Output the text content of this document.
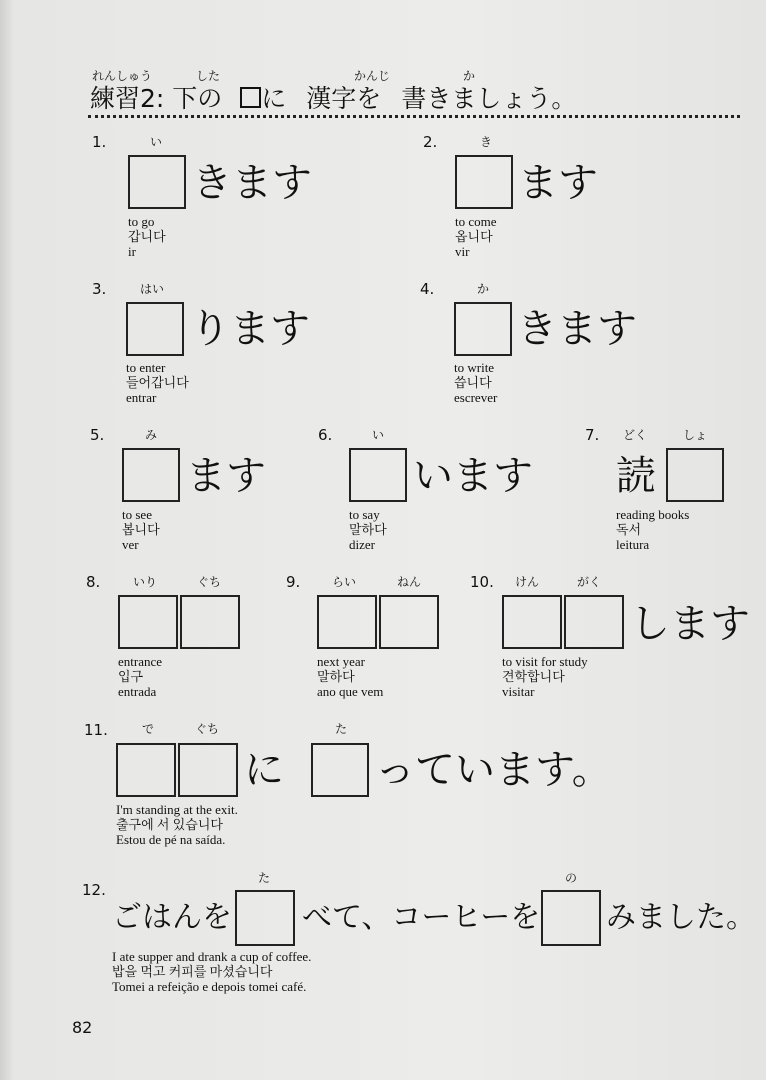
れんしゅう	した	かんじ	か
練習2: 下の に 漢字を 書きましょう。
1.	い
きます
to go
갑니다
ir
2.	き
ます
to come
옵니다
vir
3.	はい
ります
to enter
들어갑니다
entrar
4.	か
きます
to write
씁니다
escrever
5.	み
ます
to see
봅니다
ver
6.	い
います
to say
말하다
dizer
7. どく	しょ
読
reading books
독서
leitura
8.	いり	ぐち
entrance
입구
entrada
9.	らい	ねん
next year
말하다
ano que vem
10. けん	がく
します
to visit for study
견학합니다
visitar
11.	で	ぐち	た
に っています。
I'm standing at the exit.
출구에 서 있습니다
Estou de pé na saída.
12.
た	の
ごはんを べて、コーヒーを みました。
I ate supper and drank a cup of coffee.
밥을 먹고 커피를 마셨습니다
Tomei a refeição e depois tomei café.
82
